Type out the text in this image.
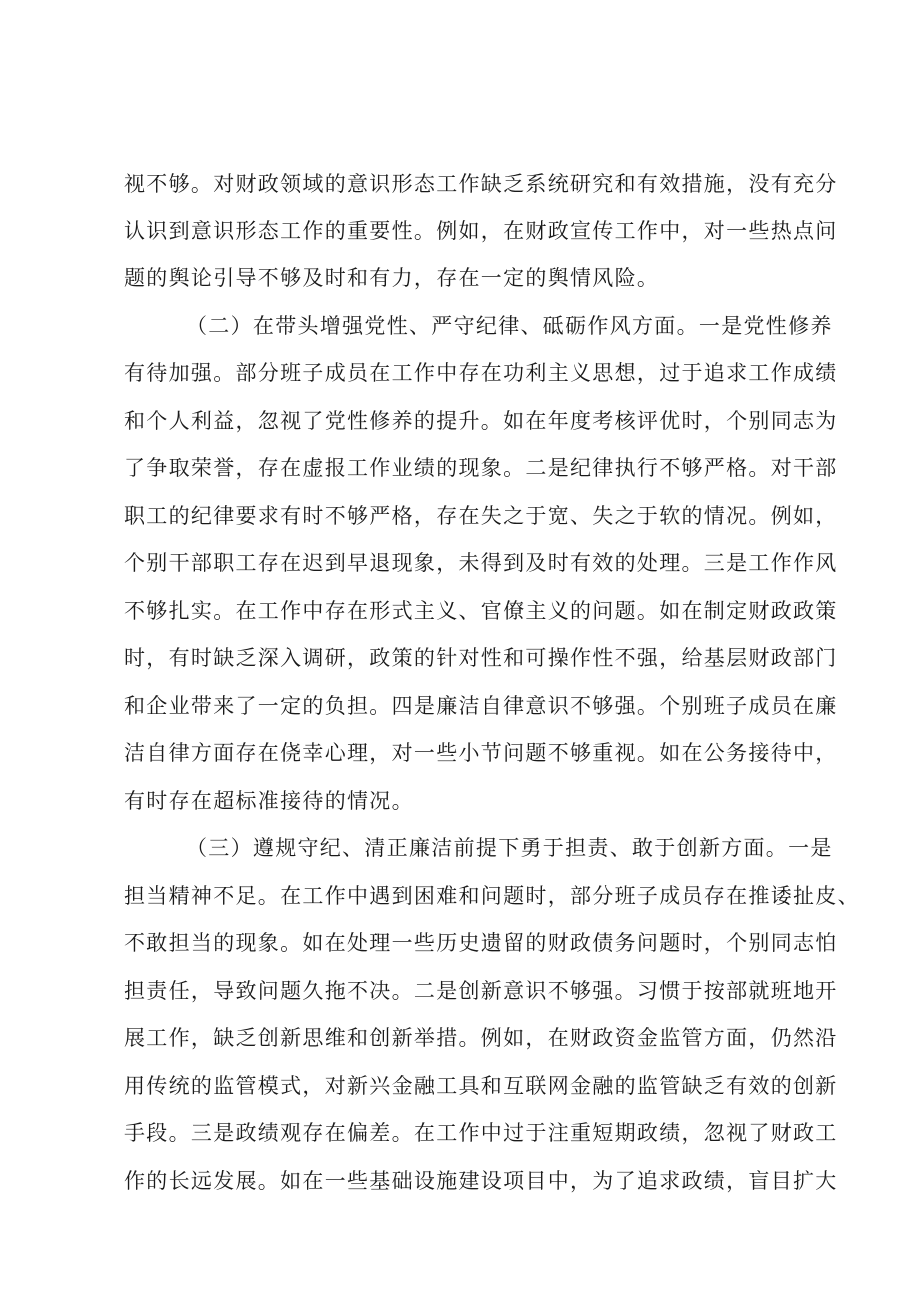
视不够。对财政领域的意识形态工作缺乏系统研究和有效措施，没有充分
认识到意识形态工作的重要性。例如，在财政宣传工作中，对一些热点问
题的舆论引导不够及时和有力，存在一定的舆情风险。
（二）在带头增强党性、严守纪律、砥砺作风方面。一是党性修养
有待加强。部分班子成员在工作中存在功利主义思想，过于追求工作成绩
和个人利益，忽视了党性修养的提升。如在年度考核评优时，个别同志为
了争取荣誉，存在虚报工作业绩的现象。二是纪律执行不够严格。对干部
职工的纪律要求有时不够严格，存在失之于宽、失之于软的情况。例如，
个别干部职工存在迟到早退现象，未得到及时有效的处理。三是工作作风
不够扎实。在工作中存在形式主义、官僚主义的问题。如在制定财政政策
时，有时缺乏深入调研，政策的针对性和可操作性不强，给基层财政部门
和企业带来了一定的负担。四是廉洁自律意识不够强。个别班子成员在廉
洁自律方面存在侥幸心理，对一些小节问题不够重视。如在公务接待中，
有时存在超标准接待的情况。
（三）遵规守纪、清正廉洁前提下勇于担责、敢于创新方面。一是
担当精神不足。在工作中遇到困难和问题时，部分班子成员存在推诿扯皮、
不敢担当的现象。如在处理一些历史遗留的财政债务问题时，个别同志怕
担责任，导致问题久拖不决。二是创新意识不够强。习惯于按部就班地开
展工作，缺乏创新思维和创新举措。例如，在财政资金监管方面，仍然沿
用传统的监管模式，对新兴金融工具和互联网金融的监管缺乏有效的创新
手段。三是政绩观存在偏差。在工作中过于注重短期政绩，忽视了财政工
作的长远发展。如在一些基础设施建设项目中，为了追求政绩，盲目扩大
